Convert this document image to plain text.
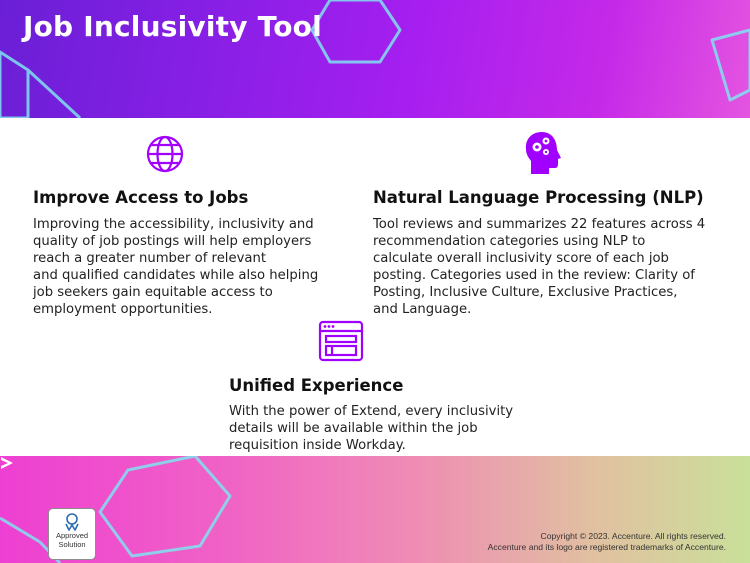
Job Inclusivity Tool
Improve Access to Jobs
Improving the accessibility, inclusivity and
quality of job postings will help employers
reach a greater number of relevant
and qualified candidates while also helping
job seekers gain equitable access to
employment opportunities.
Natural Language Processing (NLP)
Tool reviews and summarizes 22 features across 4
recommendation categories using NLP to
calculate overall inclusivity score of each job
posting. Categories used in the review: Clarity of
Posting, Inclusive Culture, Exclusive Practices,
and Language.
Unified Experience
With the power of Extend, every inclusivity
details will be available within the job
requisition inside Workday.
Approved
Solution
Copyright © 2023. Accenture. All rights reserved.
Accenture and its logo are registered trademarks of Accenture.
